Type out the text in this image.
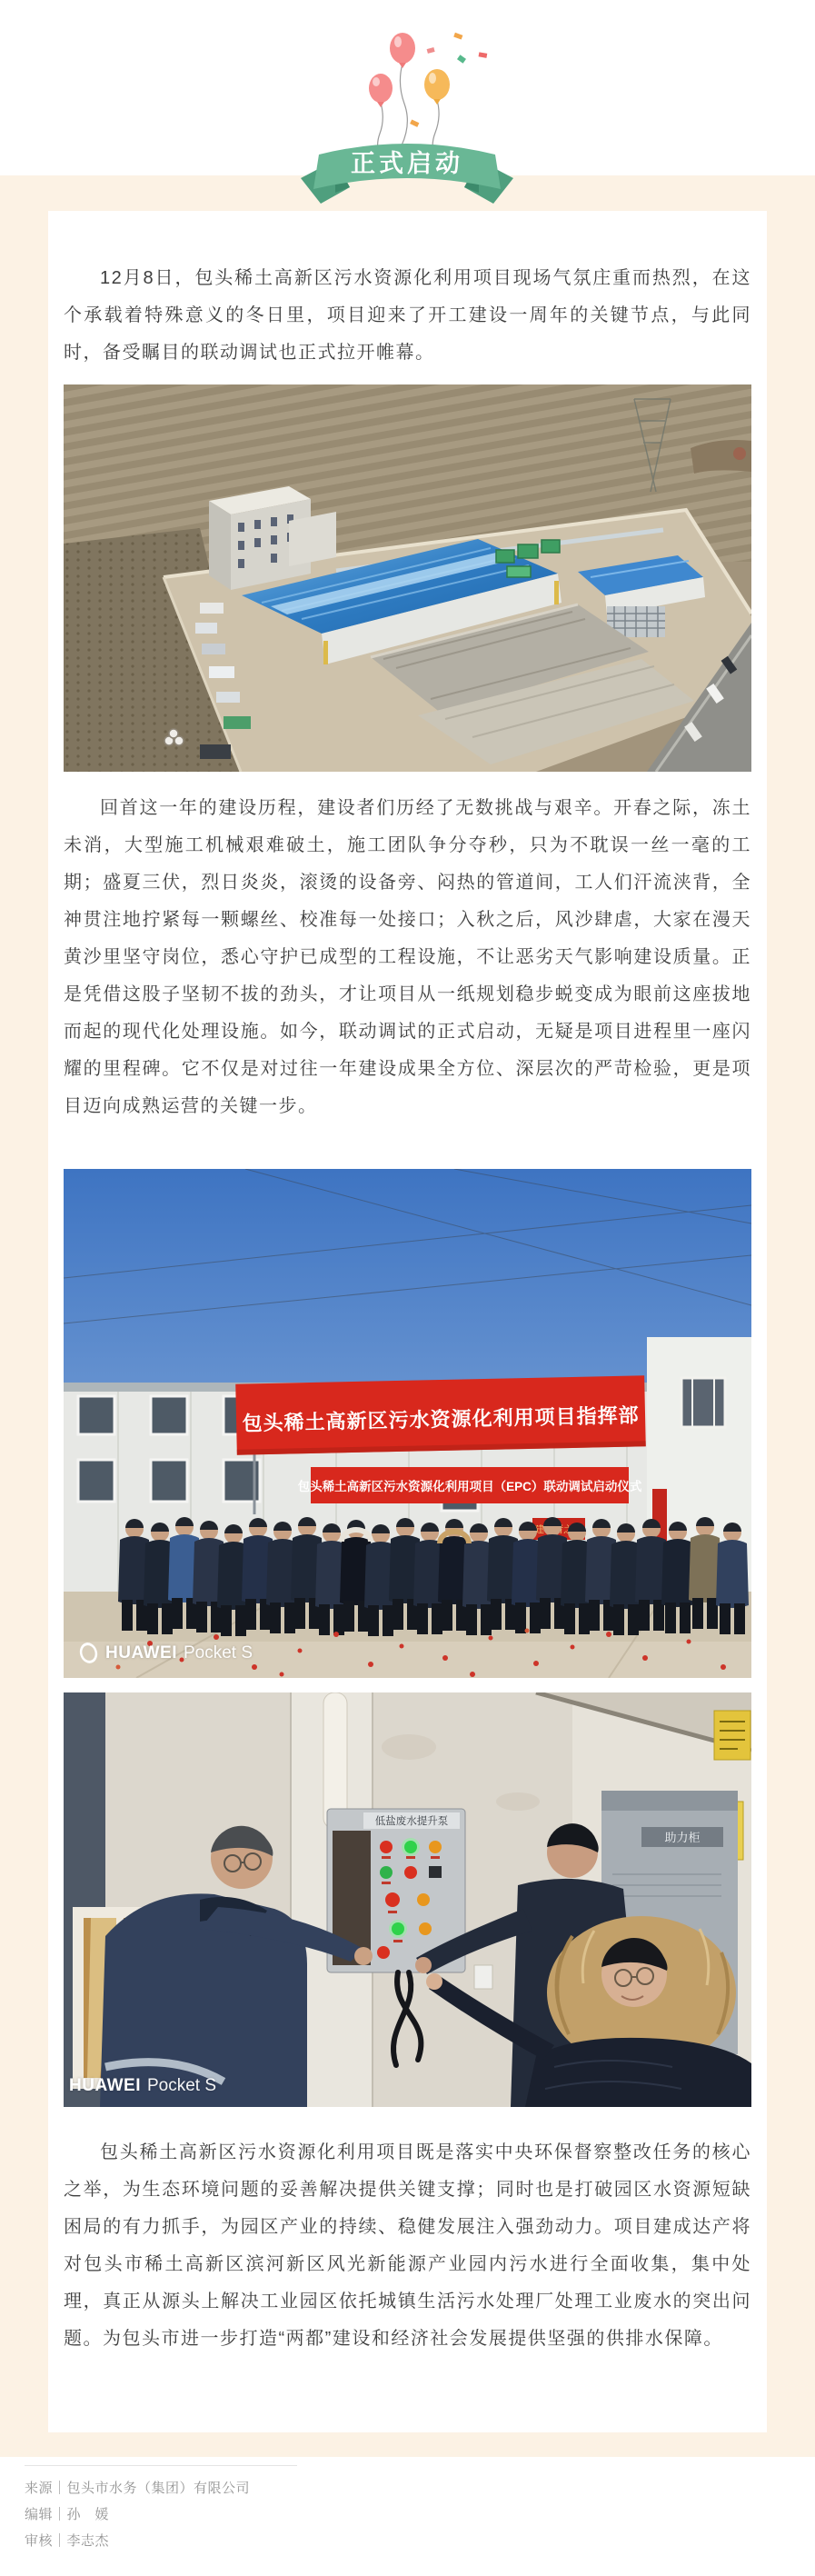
正式启动

12月8日，包头稀土高新区污水资源化利用项目现场气氛庄重而热烈，在这个承载着特殊意义的冬日里，项目迎来了开工建设一周年的关键节点，与此同时，备受瞩目的联动调试也正式拉开帷幕。

回首这一年的建设历程，建设者们历经了无数挑战与艰辛。开春之际，冻土未消，大型施工机械艰难破土，施工团队争分夺秒，只为不耽误一丝一毫的工期；盛夏三伏，烈日炎炎，滚烫的设备旁、闷热的管道间，工人们汗流浃背，全神贯注地拧紧每一颗螺丝、校准每一处接口；入秋之后，风沙肆虐，大家在漫天黄沙里坚守岗位，悉心守护已成型的工程设施，不让恶劣天气影响建设质量。正是凭借这股子坚韧不拔的劲头，才让项目从一纸规划稳步蜕变成为眼前这座拔地而起的现代化处理设施。如今，联动调试的正式启动，无疑是项目进程里一座闪耀的里程碑。它不仅是对过往一年建设成果全方位、深层次的严苛检验，更是项目迈向成熟运营的关键一步。

包头稀土高新区污水资源化利用项目指挥部
包头稀土高新区污水资源化利用项目（EPC）联动调试启动仪式
HUAWEI Pocket S
助力柜
低盐废水提升泵
HUAWEI Pocket S

包头稀土高新区污水资源化利用项目既是落实中央环保督察整改任务的核心之举，为生态环境问题的妥善解决提供关键支撑；同时也是打破园区水资源短缺困局的有力抓手，为园区产业的持续、稳健发展注入强劲动力。项目建成达产将对包头市稀土高新区滨河新区风光新能源产业园内污水进行全面收集，集中处理，真正从源头上解决工业园区依托城镇生活污水处理厂处理工业废水的突出问题。为包头市进一步打造“两都”建设和经济社会发展提供坚强的供排水保障。

来源｜包头市水务（集团）有限公司

编辑｜孙　媛

审核｜李志杰
